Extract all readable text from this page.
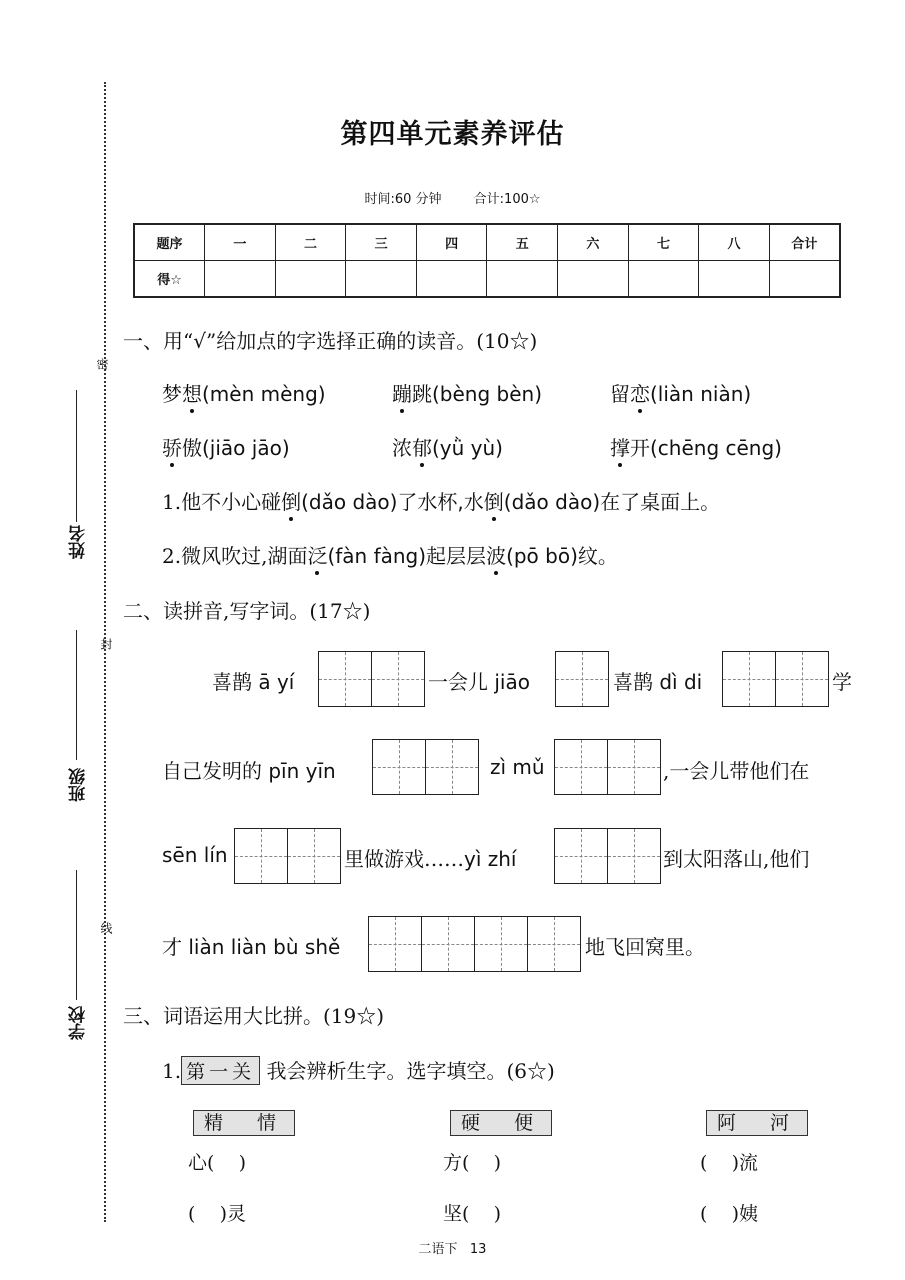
密
封
线
姓名
班级
学校
第四单元素养评估
时间:60 分钟 合计:100☆
题序	一	二	三	四	五	六	七	八	合计
得☆									
一、用“√”给加点的字选择正确的读音。(10☆)
梦想(mèn mèng)	蹦跳(bèng bèn)	留恋(liàn niàn)
骄傲(jiāo jāo)	浓郁(yǜ yù)	撑开(chēng cēng)
1.他不小心碰倒(dǎo dào)了水杯,水倒(dǎo dào)在了桌面上。
2.微风吹过,湖面泛(fàn fàng)起层层波(pō bō)纹。
二、读拼音,写字词。(17☆)
喜鹊 ā yí	一会儿 jiāo	喜鹊 dì di	学
自己发明的 pīn yīn	zì mǔ	,一会儿带他们在
sēn lín	里做游戏……yì zhí	到太阳落山,他们
才 liàn liàn bù shě	地飞回窝里。
三、词语运用大比拼。(19☆)
1. 第一关 我会辨析生字。选字填空。(6☆)
精 情
心(    )
(    )灵
硬 便
方(    )
坚(    )
阿 河
(    )流
(    )姨
二语下   13
